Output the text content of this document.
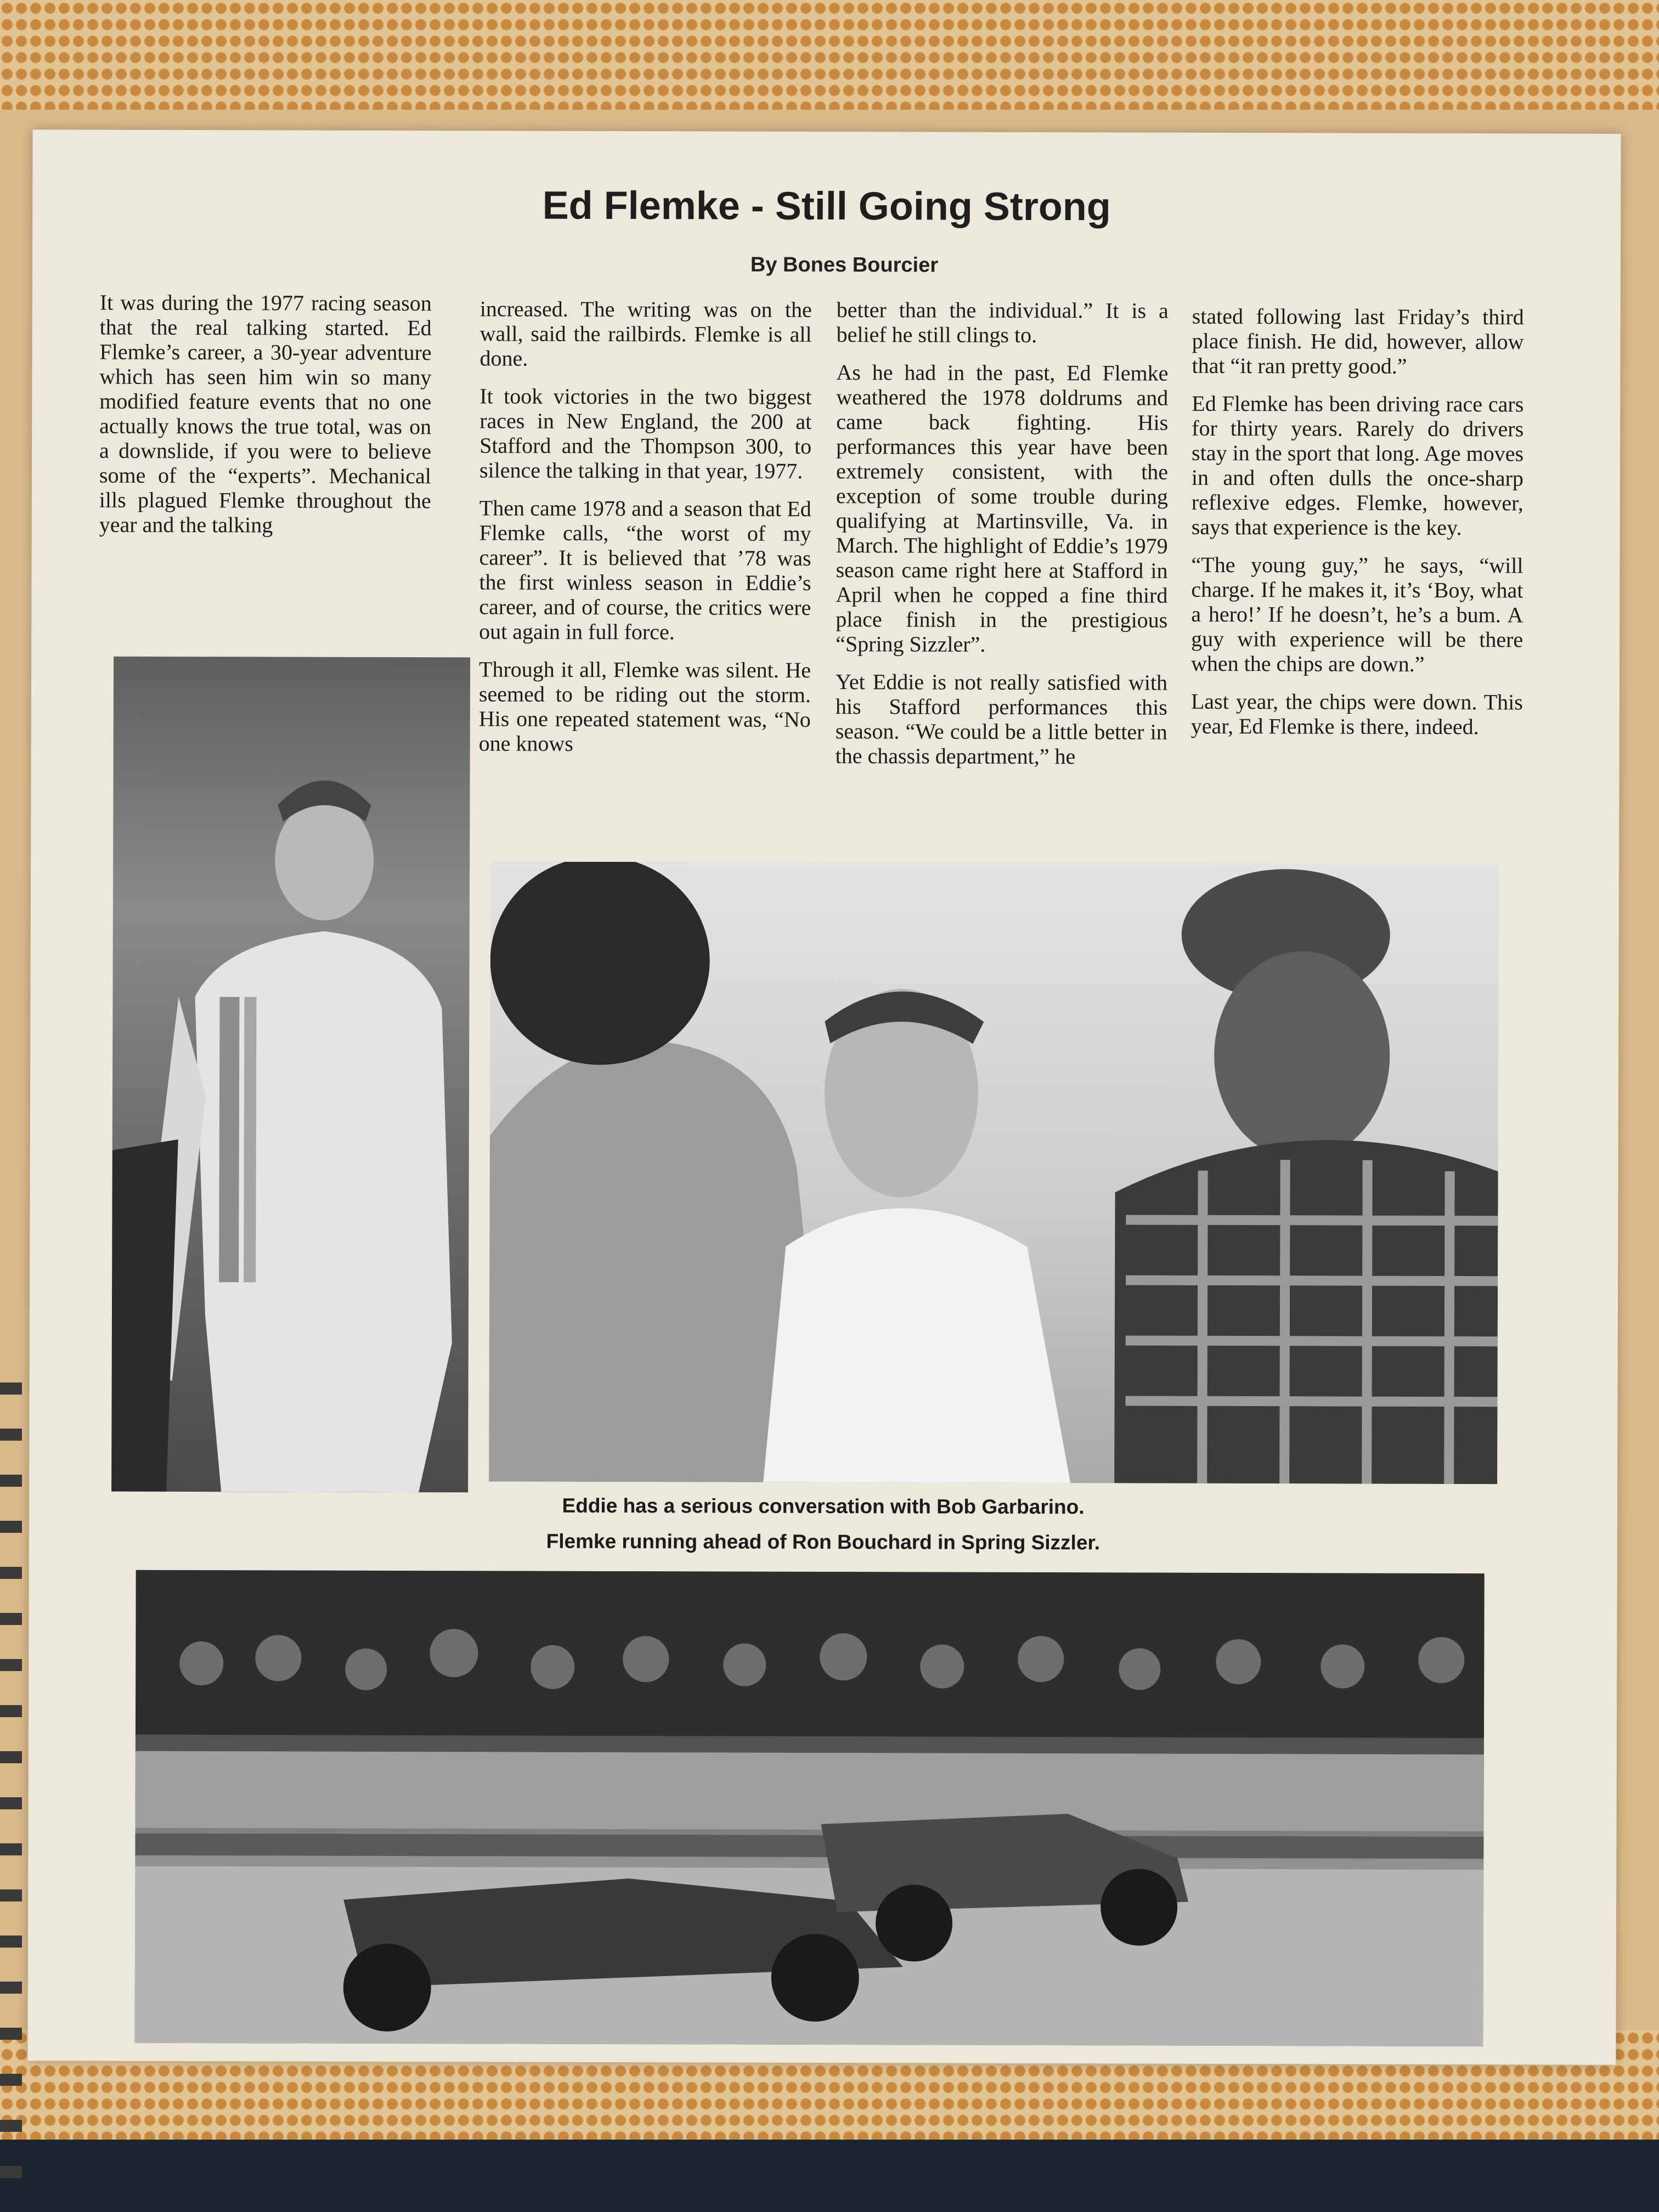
Ed Flemke - Still Going Strong
By Bones Bourcier

It was during the 1977 racing season that the real talking started. Ed Flemke’s career, a 30-year adventure which has seen him win so many modified feature events that no one actually knows the true total, was on a downslide, if you were to believe some of the “experts”. Mechanical ills plagued Flemke throughout the year and the talking

increased. The writing was on the wall, said the railbirds. Flemke is all done.

It took victories in the two biggest races in New England, the 200 at Stafford and the Thompson 300, to silence the talking in that year, 1977.

Then came 1978 and a season that Ed Flemke calls, “the worst of my career”. It is believed that ’78 was the first winless season in Eddie’s career, and of course, the critics were out again in full force.

Through it all, Flemke was silent. He seemed to be riding out the storm. His one repeated statement was, “No one knows

better than the individual.” It is a belief he still clings to.

As he had in the past, Ed Flemke weathered the 1978 doldrums and came back fighting. His performances this year have been extremely consistent, with the exception of some trouble during qualifying at Martinsville, Va. in March. The highlight of Eddie’s 1979 season came right here at Stafford in April when he copped a fine third place finish in the prestigious “Spring Sizzler”.

Yet Eddie is not really satisfied with his Stafford performances this season. “We could be a little better in the chassis department,” he

stated following last Friday’s third place finish. He did, however, allow that “it ran pretty good.”

Ed Flemke has been driving race cars for thirty years. Rarely do drivers stay in the sport that long. Age moves in and often dulls the once-sharp reflexive edges. Flemke, however, says that experience is the key.

“The young guy,” he says, “will charge. If he makes it, it’s ‘Boy, what a hero!’ If he doesn’t, he’s a bum. A guy with experience will be there when the chips are down.”

Last year, the chips were down. This year, Ed Flemke is there, indeed.

Eddie has a serious conversation with Bob Garbarino.
Flemke running ahead of Ron Bouchard in Spring Sizzler.
